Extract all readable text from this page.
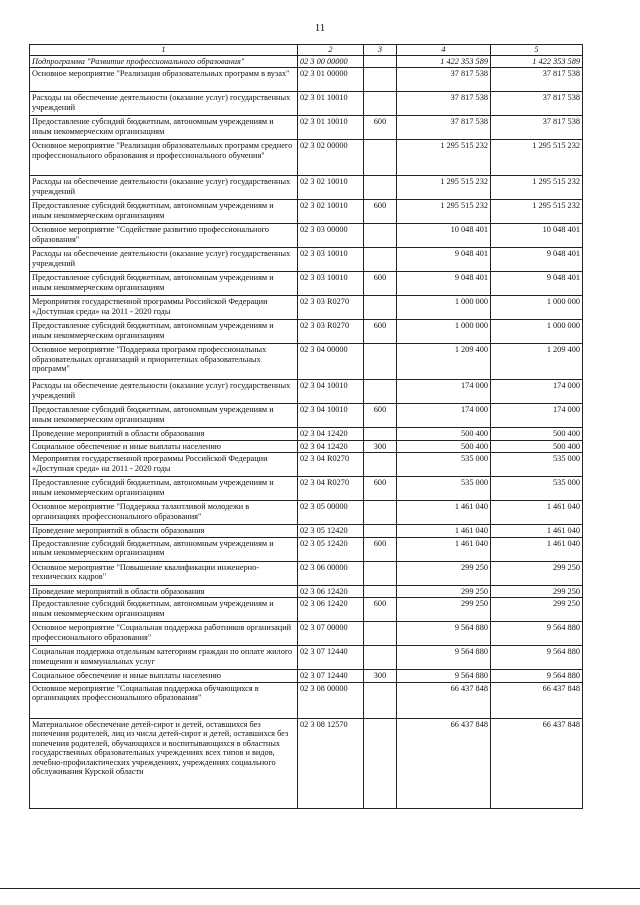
11
1	2	3	4	5
Подпрограмма "Развитие профессионального образования"	02 3 00 00000		1 422 353 589	1 422 353 589
Основное мероприятие "Реализация образовательных программ в вузах"	02 3 01 00000		37 817 538	37 817 538
Расходы на обеспечение деятельности (оказание услуг) государственных учреждений	02 3 01 10010		37 817 538	37 817 538
Предоставление субсидий бюджетным, автономным учреждениям и иным некоммерческим организациям	02 3 01 10010	600	37 817 538	37 817 538
Основное мероприятие "Реализация образовательных программ среднего профессионального образования и профессионального обучения"	02 3 02 00000		1 295 515 232	1 295 515 232
Расходы на обеспечение деятельности (оказание услуг) государственных учреждений	02 3 02 10010		1 295 515 232	1 295 515 232
Предоставление субсидий бюджетным, автономным учреждениям и иным некоммерческим организациям	02 3 02 10010	600	1 295 515 232	1 295 515 232
Основное мероприятие "Содействие развитию профессионального образования"	02 3 03 00000		10 048 401	10 048 401
Расходы на обеспечение деятельности (оказание услуг) государственных учреждений	02 3 03 10010		9 048 401	9 048 401
Предоставление субсидий бюджетным, автономным учреждениям и иным некоммерческим организациям	02 3 03 10010	600	9 048 401	9 048 401
Мероприятия государственной программы Российской Федерации «Доступная среда» на 2011 - 2020 годы	02 3 03 R0270		1 000 000	1 000 000
Предоставление субсидий бюджетным, автономным учреждениям и иным некоммерческим организациям	02 3 03 R0270	600	1 000 000	1 000 000
Основное мероприятие "Поддержка программ профессиональных образовательных организаций и приоритетных образовательных программ"	02 3 04 00000		1 209 400	1 209 400
Расходы на обеспечение деятельности (оказание услуг) государственных учреждений	02 3 04 10010		174 000	174 000
Предоставление субсидий бюджетным, автономным учреждениям и иным некоммерческим организациям	02 3 04 10010	600	174 000	174 000
Проведение мероприятий в области образования	02 3 04 12420		500 400	500 400
Социальное обеспечение и иные выплаты населению	02 3 04 12420	300	500 400	500 400
Мероприятия государственной программы Российской Федерации «Доступная среда» на 2011 - 2020 годы	02 3 04 R0270		535 000	535 000
Предоставление субсидий бюджетным, автономным учреждениям и иным некоммерческим организациям	02 3 04 R0270	600	535 000	535 000
Основное мероприятие "Поддержка талантливой молодежи в организациях профессионального образования"	02 3 05 00000		1 461 040	1 461 040
Проведение мероприятий в области образования	02 3 05 12420		1 461 040	1 461 040
Предоставление субсидий бюджетным, автономным учреждениям и иным некоммерческим организациям	02 3 05 12420	600	1 461 040	1 461 040
Основное мероприятие "Повышение квалификации инженерно-технических кадров"	02 3 06 00000		299 250	299 250
Проведение мероприятий в области образования	02 3 06 12420		299 250	299 250
Предоставление субсидий бюджетным, автономным учреждениям и иным некоммерческим организациям	02 3 06 12420	600	299 250	299 250
Основное мероприятие "Социальная поддержка работников организаций профессионального образования"	02 3 07 00000		9 564 880	9 564 880
Социальная поддержка отдельным категориям граждан по оплате жилого помещения и коммунальных услуг	02 3 07 12440		9 564 880	9 564 880
Социальное обеспечение и иные выплаты населению	02 3 07 12440	300	9 564 880	9 564 880
Основное мероприятие "Социальная поддержка обучающихся в организациях профессионального образования"	02 3 08 00000		66 437 848	66 437 848
Материальное обеспечение детей-сирот и детей, оставшихся без попечения родителей, лиц из числа детей-сирот и детей, оставшихся без попечения родителей, обучающихся и воспитывающихся в областных государственных образовательных учреждениях всех типов и видов, лечебно-профилактических учреждениях, учреждениях социального обслуживания Курской области	02 3 08 12570		66 437 848	66 437 848
